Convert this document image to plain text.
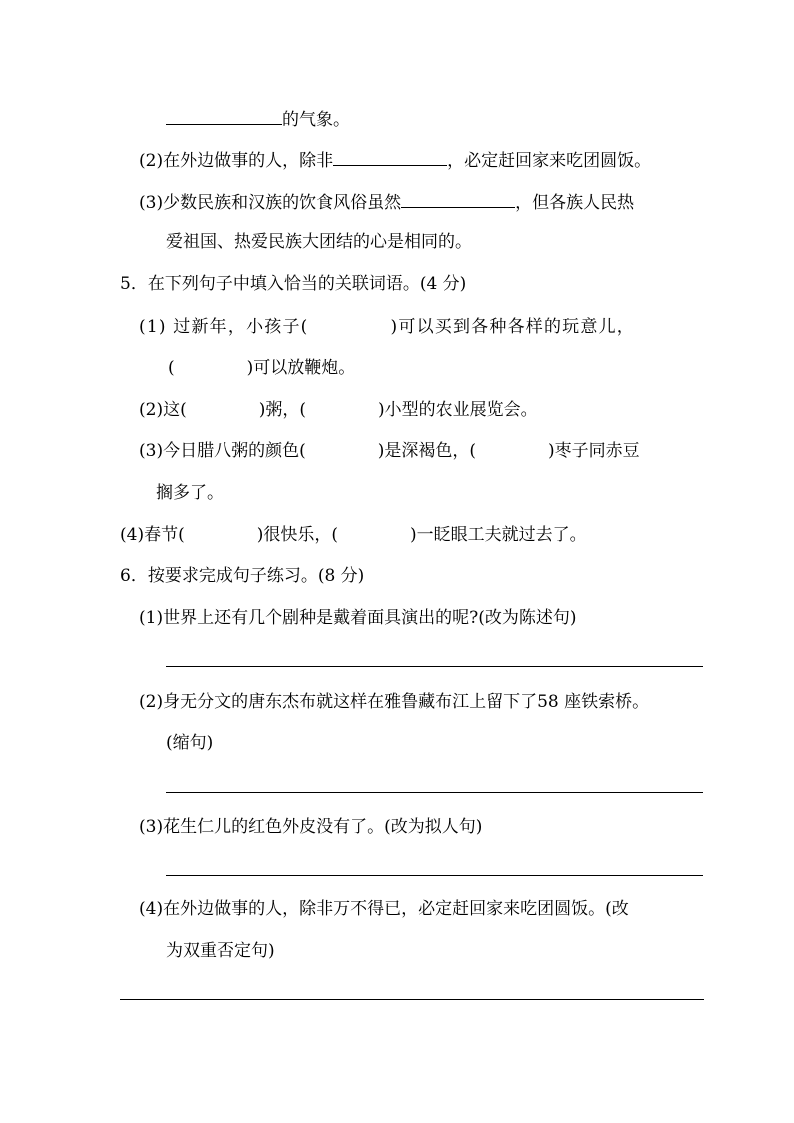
的气象。
(2)在外边做事的人，除非	，必定赶回家来吃团圆饭。
(3)少数民族和汉族的饮食风俗虽然	，但各族人民热
爱祖国、热爱民族大团结的心是相同的。
5．在下列句子中填入恰当的关联词语。(4 分)
(1) 过新年，小孩子(	)可以买到各种各样的玩意儿，
(	)可以放鞭炮。
(2)这(	)粥，(	)小型的农业展览会。
(3)今日腊八粥的颜色(	)是深褐色，(	)枣子同赤豆
搁多了。
(4)春节(	)很快乐，(	)一眨眼工夫就过去了。
6．按要求完成句子练习。(8 分)
(1)世界上还有几个剧种是戴着面具演出的呢?(改为陈述句)
(2)身无分文的唐东杰布就这样在雅鲁藏布江上留下了58 座铁索桥。
(缩句)
(3)花生仁儿的红色外皮没有了。(改为拟人句)
(4)在外边做事的人，除非万不得已，必定赶回家来吃团圆饭。(改
为双重否定句)
